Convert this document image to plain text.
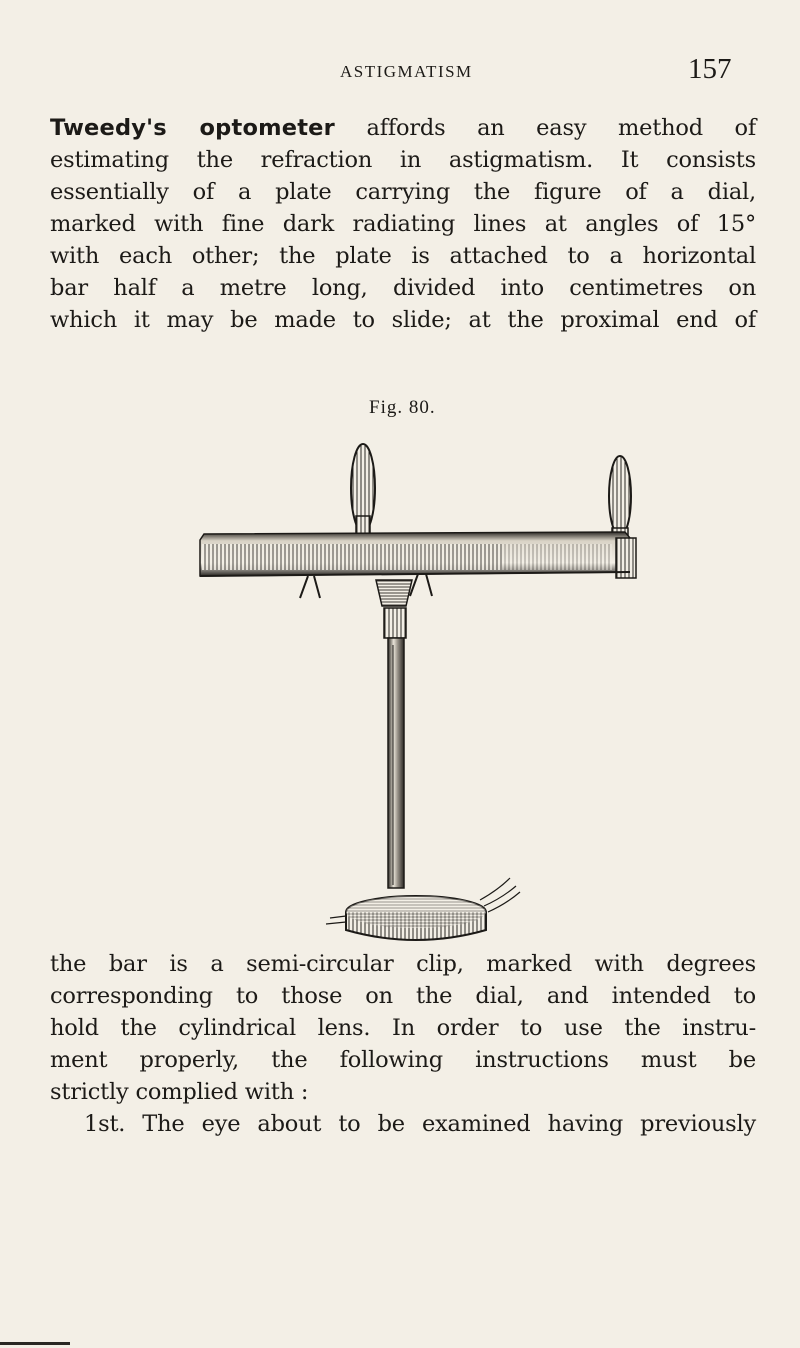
ASTIGMATISM	157

Tweedy's optometer affords an easy method of
estimating the refraction in astigmatism. It consists
essentially of a plate carrying the figure of a dial,
marked with fine dark radiating lines at angles of 15°
with each other; the plate is attached to a horizontal
bar half a metre long, divided into centimetres on
which it may be made to slide; at the proximal end of

Fig. 80.

the bar is a semi-circular clip, marked with degrees
corresponding to those on the dial, and intended to
hold the cylindrical lens. In order to use the instru-
ment properly, the following instructions must be
strictly complied with :
1st. The eye about to be examined having previously
